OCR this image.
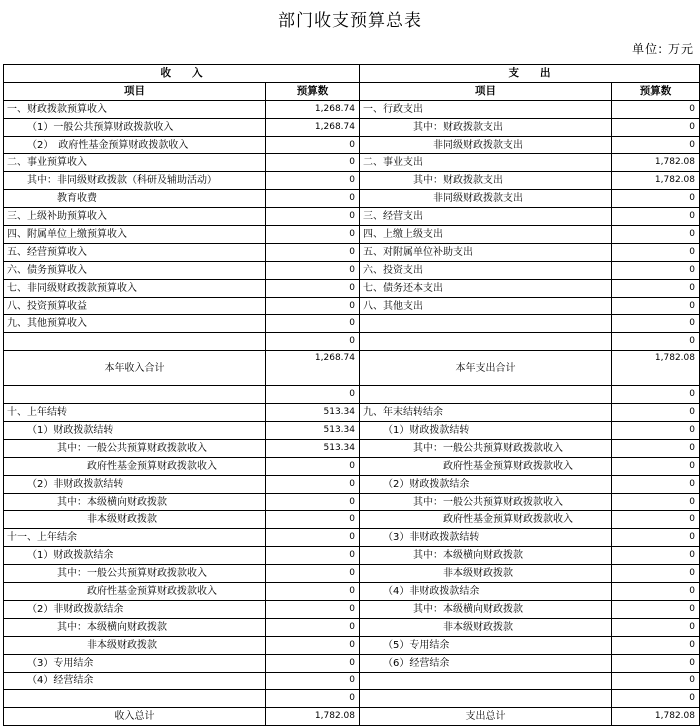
部门收支预算总表
单位: 万元
收　　入		支　　出	
项目	预算数	项目	预算数
一、财政拨款预算收入	1,268.74	一、行政支出	0
（1）一般公共预算财政拨款收入	1,268.74	其中：财政拨款支出	0
（2）　政府性基金预算财政拨款收入	0	非同级财政拨款支出	0
二、事业预算收入	0	二、事业支出	1,782.08
其中：非同级财政拨款（科研及辅助活动）	0	其中：财政拨款支出	1,782.08
教育收费	0	非同级财政拨款支出	0
三、上级补助预算收入	0	三、经营支出	0
四、附属单位上缴预算收入	0	四、上缴上级支出	0
五、经营预算收入	0	五、对附属单位补助支出	0
六、债务预算收入	0	六、投资支出	0
七、非同级财政拨款预算收入	0	七、债务还本支出	0
八、投资预算收益	0	八、其他支出	0
九、其他预算收入	0		0
	0		0
本年收入合计	1,268.74	本年支出合计	1,782.08
	0		0
十、上年结转	513.34	九、年末结转结余	0
（1）财政拨款结转	513.34	（1）财政拨款结转	0
其中：一般公共预算财政拨款收入	513.34	其中：一般公共预算财政拨款收入	0
政府性基金预算财政拨款收入	0	政府性基金预算财政拨款收入	0
（2）非财政拨款结转	0	（2）财政拨款结余	0
其中：本级横向财政拨款	0	其中：一般公共预算财政拨款收入	0
非本级财政拨款	0	政府性基金预算财政拨款收入	0
十一、上年结余	0	（3）非财政拨款结转	0
（1）财政拨款结余	0	其中：本级横向财政拨款	0
其中：一般公共预算财政拨款收入	0	非本级财政拨款	0
政府性基金预算财政拨款收入	0	（4）非财政拨款结余	0
（2）非财政拨款结余	0	其中：本级横向财政拨款	0
其中：本级横向财政拨款	0	非本级财政拨款	0
非本级财政拨款	0	（5）专用结余	0
（3）专用结余	0	（6）经营结余	0
（4）经营结余	0		0
	0		0
收入总计	1,782.08	支出总计	1,782.08
